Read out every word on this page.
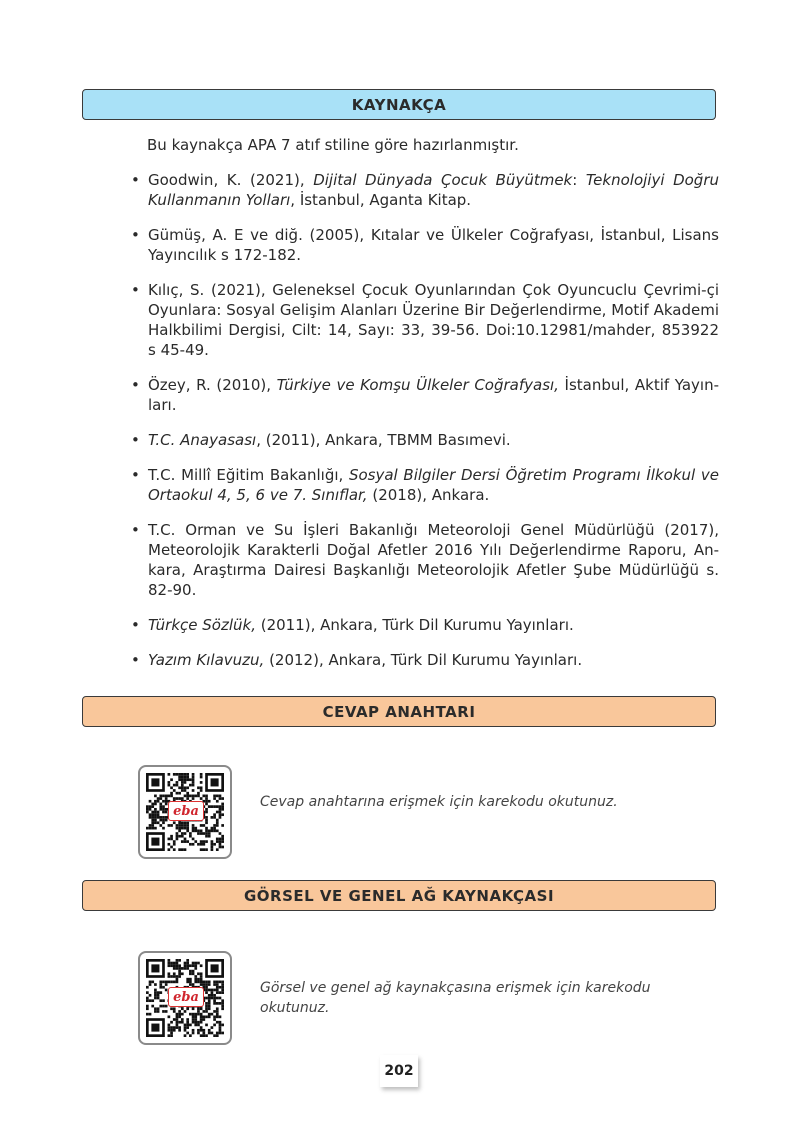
KAYNAKÇA
Bu kaynakça APA 7 atıf stiline göre hazırlanmıştır.
• Goodwin, K. (2021), Dijital Dünyada Çocuk Büyütmek: Teknolojiyi Doğru Kullanmanın Yolları, İstanbul, Aganta Kitap.
• Gümüş, A. E ve diğ. (2005), Kıtalar ve Ülkeler Coğrafyası, İstanbul, Lisans Yayıncılık s 172-182.
• Kılıç, S. (2021), Geleneksel Çocuk Oyunlarından Çok Oyuncuclu Çevrimi-çi Oyunlara: Sosyal Gelişim Alanları Üzerine Bir Değerlendirme, Motif Akademi Halkbilimi Dergisi, Cilt: 14, Sayı: 33, 39-56. Doi:10.12981/mahder, 853922 s 45-49.
• Özey, R. (2010), Türkiye ve Komşu Ülkeler Coğrafyası, İstanbul, Aktif Yayın-ları.
• T.C. Anayasası, (2011), Ankara, TBMM Basımevi.
• T.C. Millî Eğitim Bakanlığı, Sosyal Bilgiler Dersi Öğretim Programı İlkokul ve Ortaokul 4, 5, 6 ve 7. Sınıflar, (2018), Ankara.
• T.C. Orman ve Su İşleri Bakanlığı Meteoroloji Genel Müdürlüğü (2017), Meteorolojik Karakterli Doğal Afetler 2016 Yılı Değerlendirme Raporu, An-kara, Araştırma Dairesi Başkanlığı Meteorolojik Afetler Şube Müdürlüğü s. 82-90.
• Türkçe Sözlük, (2011), Ankara, Türk Dil Kurumu Yayınları.
• Yazım Kılavuzu, (2012), Ankara, Türk Dil Kurumu Yayınları.
CEVAP ANAHTARI
eba
Cevap anahtarına erişmek için karekodu okutunuz.
GÖRSEL VE GENEL AĞ KAYNAKÇASI
eba
Görsel ve genel ağ kaynakçasına erişmek için karekodu okutunuz.
202
